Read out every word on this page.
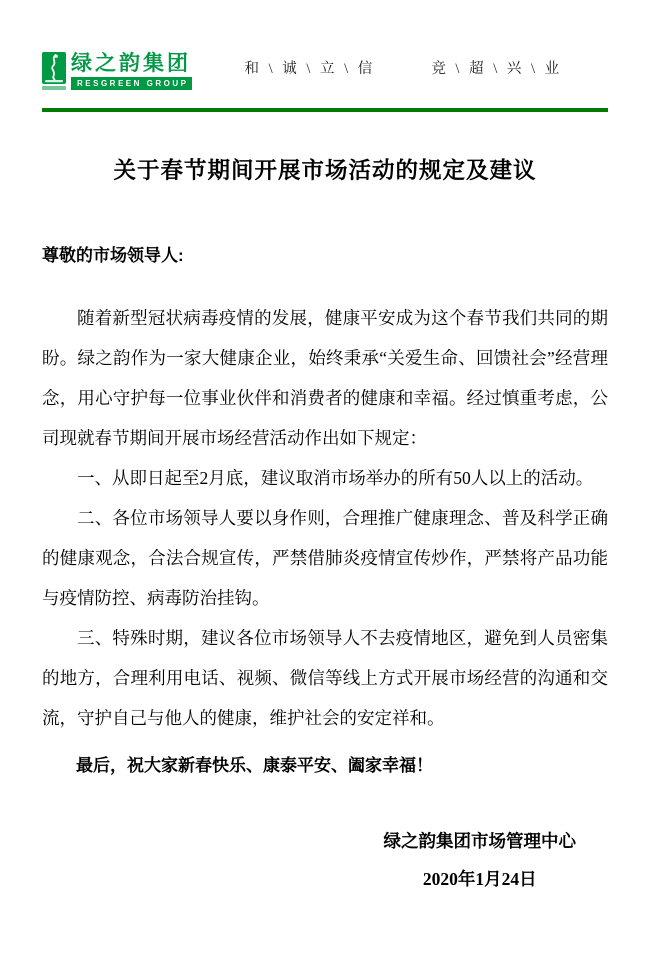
绿之韵集团
RESGREEN GROUP
和 \ 诚 \ 立 \ 信	竞 \ 超 \ 兴 \ 业
关于春节期间开展市场活动的规定及建议
尊敬的市场领导人:

随着新型冠状病毒疫情的发展，健康平安成为这个春节我们共同的期盼。绿之韵作为一家大健康企业，始终秉承“关爱生命、回馈社会”经营理念，用心守护每一位事业伙伴和消费者的健康和幸福。经过慎重考虑，公司现就春节期间开展市场经营活动作出如下规定：

一、从即日起至2月底，建议取消市场举办的所有50人以上的活动。

二、各位市场领导人要以身作则，合理推广健康理念、普及科学正确的健康观念，合法合规宣传，严禁借肺炎疫情宣传炒作，严禁将产品功能与疫情防控、病毒防治挂钩。

三、特殊时期，建议各位市场领导人不去疫情地区，避免到人员密集的地方，合理利用电话、视频、微信等线上方式开展市场经营的沟通和交流，守护自己与他人的健康，维护社会的安定祥和。

最后，祝大家新春快乐、康泰平安、阖家幸福！

绿之韵集团市场管理中心
2020年1月24日
